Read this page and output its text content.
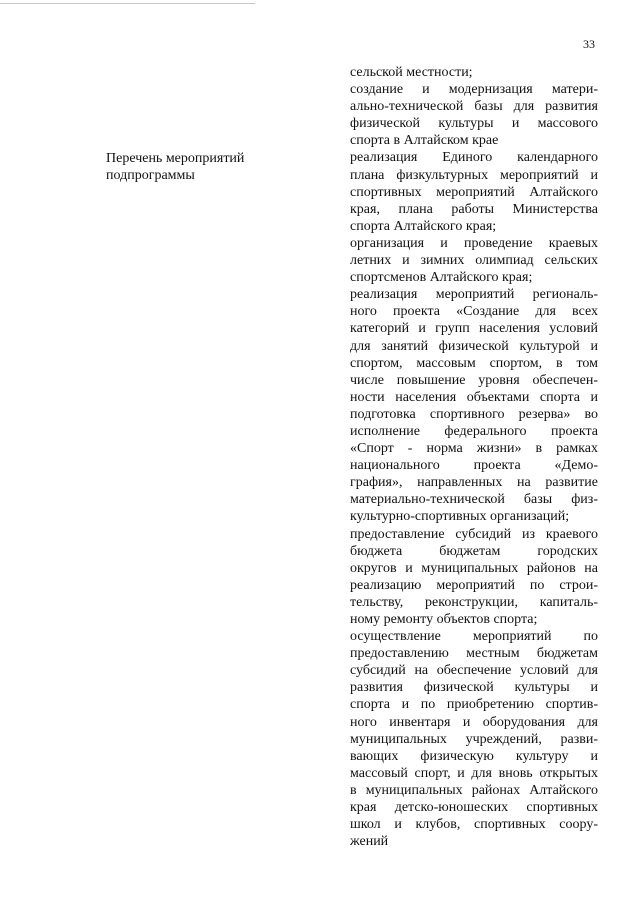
33
Перечень мероприятий
подпрограммы
сельской местности;
создание и модернизация матери-
ально-технической базы для развития
физической культуры и массового
спорта в Алтайском крае
реализация Единого календарного
плана физкультурных мероприятий и
спортивных мероприятий Алтайского
края, плана работы Министерства
спорта Алтайского края;
организация и проведение краевых
летних и зимних олимпиад сельских
спортсменов Алтайского края;
реализация мероприятий региональ-
ного проекта «Создание для всех
категорий и групп населения условий
для занятий физической культурой и
спортом, массовым спортом, в том
числе повышение уровня обеспечен-
ности населения объектами спорта и
подготовка спортивного резерва» во
исполнение федерального проекта
«Спорт - норма жизни» в рамках
национального проекта «Демо-
графия», направленных на развитие
материально-технической базы физ-
культурно-спортивных организаций;
предоставление субсидий из краевого
бюджета бюджетам городских
округов и муниципальных районов на
реализацию мероприятий по строи-
тельству, реконструкции, капиталь-
ному ремонту объектов спорта;
осуществление мероприятий по
предоставлению местным бюджетам
субсидий на обеспечение условий для
развития физической культуры и
спорта и по приобретению спортив-
ного инвентаря и оборудования для
муниципальных учреждений, разви-
вающих физическую культуру и
массовый спорт, и для вновь открытых
в муниципальных районах Алтайского
края детско-юношеских спортивных
школ и клубов, спортивных соору-
жений
